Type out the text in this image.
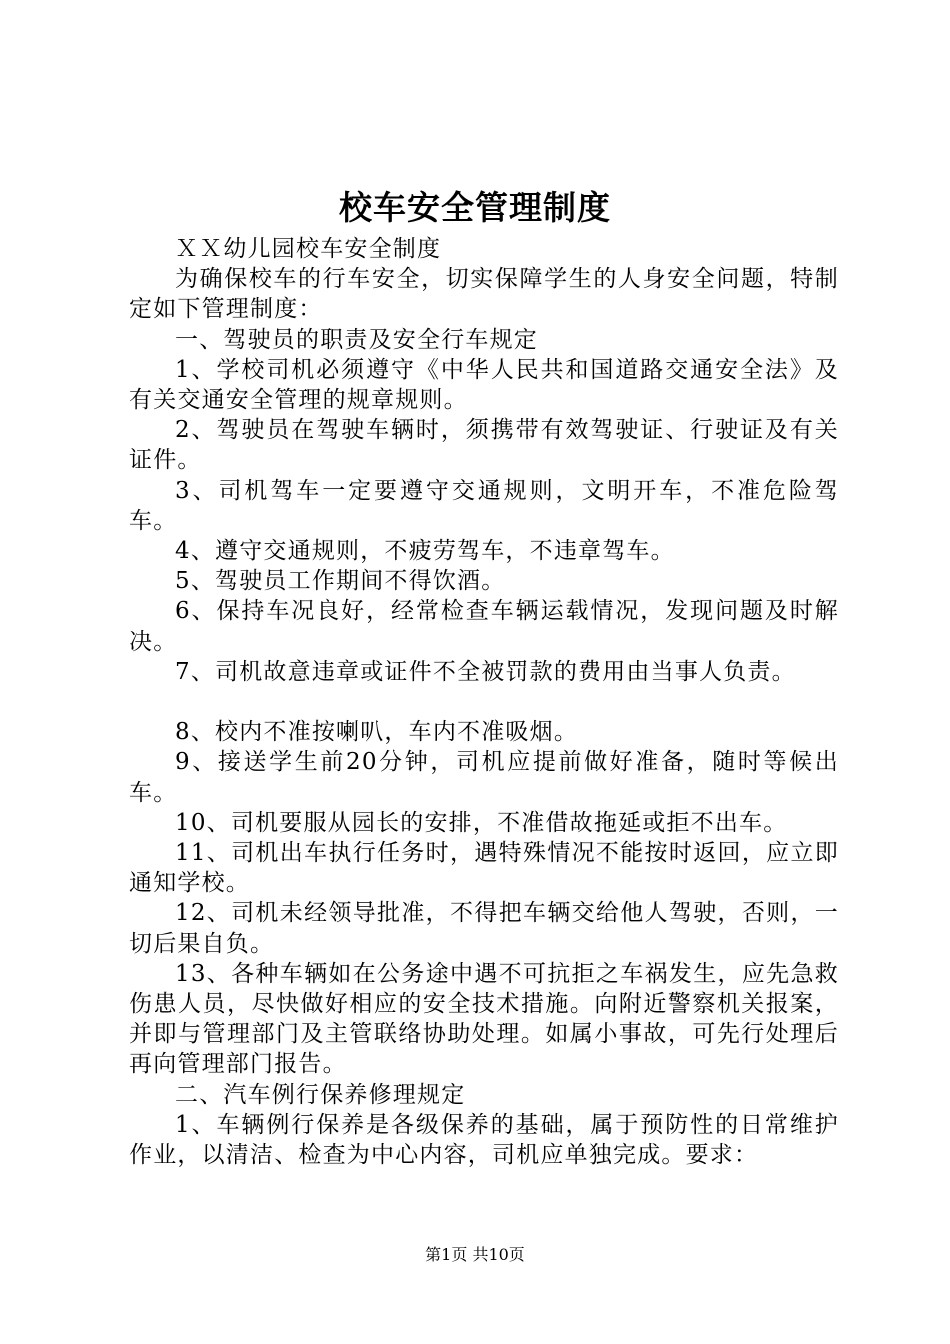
校车安全管理制度

ＸＸ幼儿园校车安全制度

为确保校车的行车安全，切实保障学生的人身安全问题，特制定如下管理制度：

一、驾驶员的职责及安全行车规定

1、学校司机必须遵守《中华人民共和国道路交通安全法》及有关交通安全管理的规章规则。

2、驾驶员在驾驶车辆时，须携带有效驾驶证、行驶证及有关证件。

3、司机驾车一定要遵守交通规则，文明开车，不准危险驾车。

4、遵守交通规则，不疲劳驾车，不违章驾车。

5、驾驶员工作期间不得饮酒。

6、保持车况良好，经常检查车辆运载情况，发现问题及时解决。

7、司机故意违章或证件不全被罚款的费用由当事人负责。

8、校内不准按喇叭，车内不准吸烟。

9、接送学生前20分钟，司机应提前做好准备，随时等候出车。

10、司机要服从园长的安排，不准借故拖延或拒不出车。

11、司机出车执行任务时，遇特殊情况不能按时返回，应立即通知学校。

12、司机未经领导批准，不得把车辆交给他人驾驶，否则，一切后果自负。

13、各种车辆如在公务途中遇不可抗拒之车祸发生，应先急救伤患人员，尽快做好相应的安全技术措施。向附近警察机关报案，并即与管理部门及主管联络协助处理。如属小事故，可先行处理后再向管理部门报告。

二、汽车例行保养修理规定

1、车辆例行保养是各级保养的基础，属于预防性的日常维护作业，以清洁、检查为中心内容，司机应单独完成。要求：

第1页 共10页
